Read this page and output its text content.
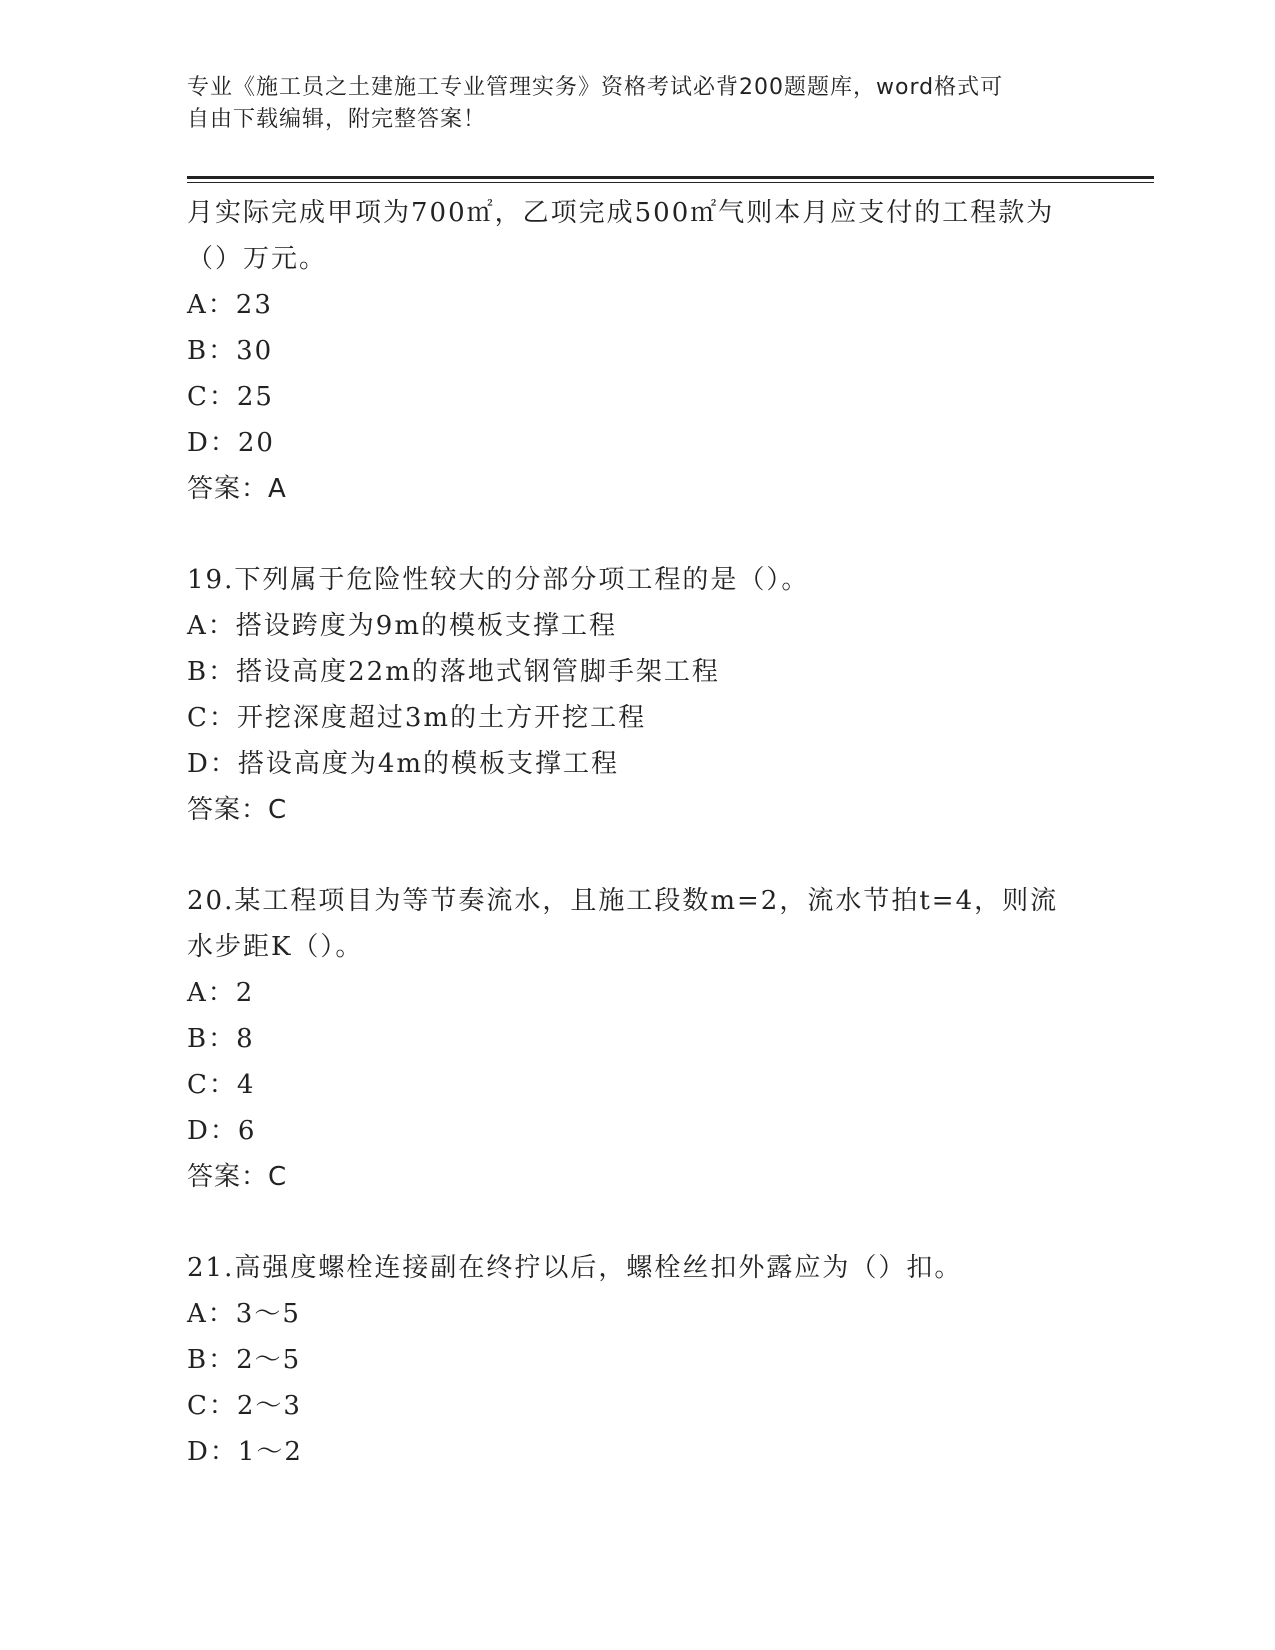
专业《施工员之土建施工专业管理实务》资格考试必背200题题库，word格式可

自由下载编辑，附完整答案！

月实际完成甲项为700㎡，乙项完成500㎡气则本月应支付的工程款为
（）万元。
A：23
B：30
C：25
D：20
答案：A
19.下列属于危险性较大的分部分项工程的是（）。
A：搭设跨度为9m的模板支撑工程
B：搭设高度22m的落地式钢管脚手架工程
C：开挖深度超过3m的土方开挖工程
D：搭设高度为4m的模板支撑工程
答案：C
20.某工程项目为等节奏流水，且施工段数m=2，流水节拍t=4，则流
水步距K（）。
A：2
B：8
C：4
D：6
答案：C
21.高强度螺栓连接副在终拧以后，螺栓丝扣外露应为（）扣。
A：3～5
B：2～5
C：2～3
D：1～2
